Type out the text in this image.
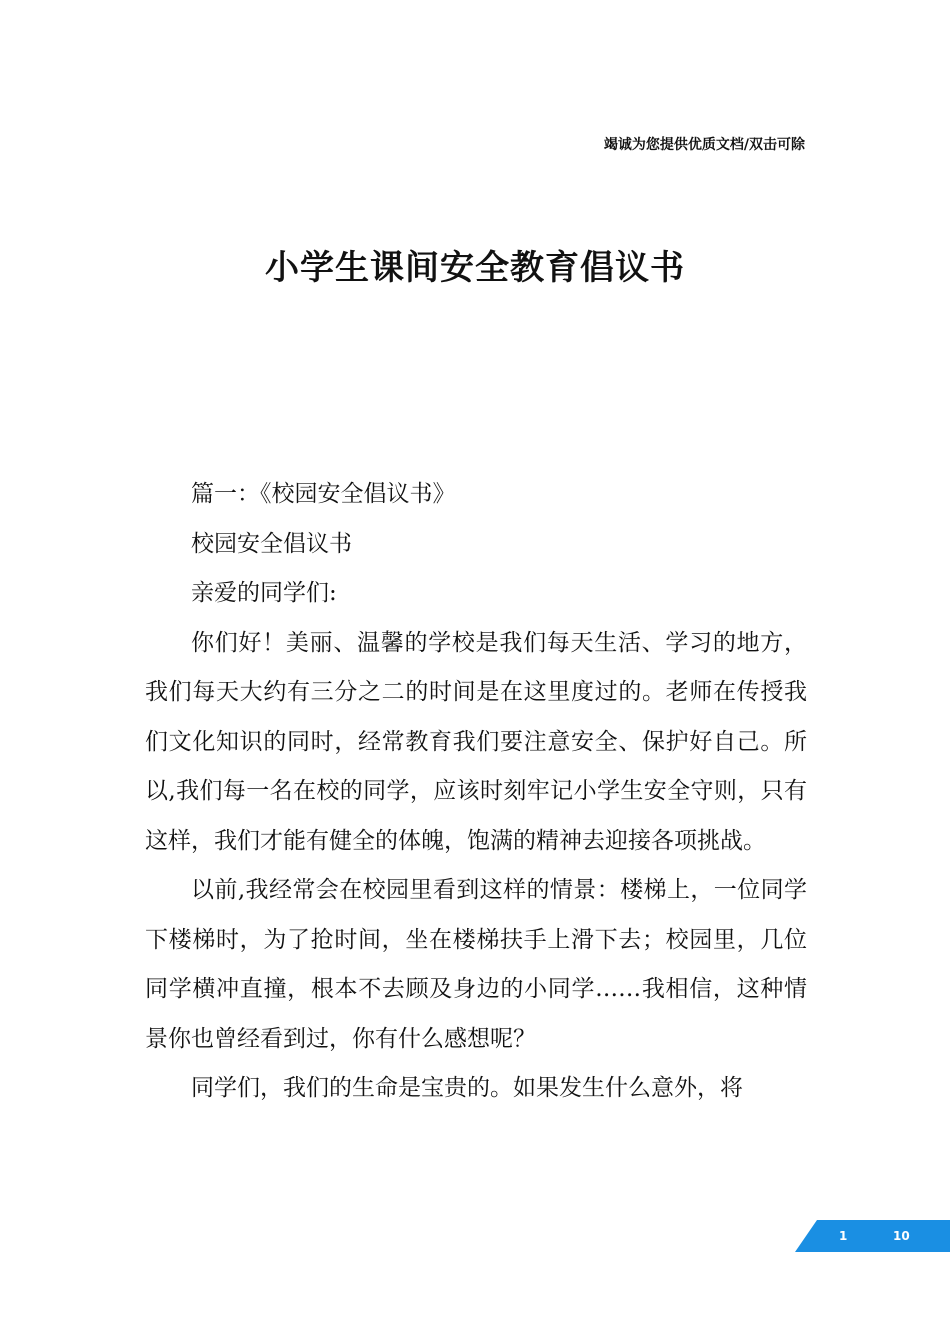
竭诚为您提供优质文档/双击可除
小学生课间安全教育倡议书

篇一：《校园安全倡议书》

校园安全倡议书

亲爱的同学们:

你们好！美丽、温馨的学校是我们每天生活、学习的地方，我们每天大约有三分之二的时间是在这里度过的。老师在传授我们文化知识的同时，经常教育我们要注意安全、保护好自己。所以,我们每一名在校的同学，应该时刻牢记小学生安全守则，只有这样，我们才能有健全的体魄，饱满的精神去迎接各项挑战。

以前,我经常会在校园里看到这样的情景：楼梯上，一位同学下楼梯时，为了抢时间，坐在楼梯扶手上滑下去；校园里，几位同学横冲直撞，根本不去顾及身边的小同学……我相信，这种情景你也曾经看到过，你有什么感想呢？

同学们，我们的生命是宝贵的。如果发生什么意外，将

1	10
